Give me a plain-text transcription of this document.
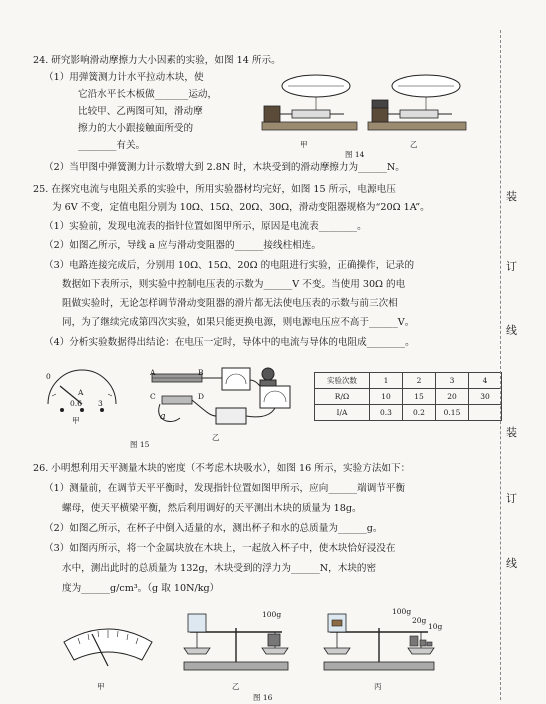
24. 研究影响滑动摩擦力大小因素的实验，如图 14 所示。
（1）用弹簧测力计水平拉动木块，使
它沿水平长木板做_______运动，
比较甲、乙两图可知，滑动摩
擦力的大小跟接触面所受的
________有关。
（2）当甲图中弹簧测力计示数增大到 2.8N 时，木块受到的滑动摩擦力为______N。
甲	乙
图 14
25. 在探究电流与电阻关系的实验中，所用实验器材均完好，如图 15 所示，电源电压
为 6V 不变，定值电阻分别为 10Ω、15Ω、20Ω、30Ω，滑动变阻器规格为“20Ω 1A”。
（1）实验前，发现电流表的指针位置如图甲所示，原因是电流表________。
（2）如图乙所示，导线 a 应与滑动变阻器的______接线柱相连。
（3）电路连接完成后，分别用 10Ω、15Ω、20Ω 的电阻进行实验，正确操作，记录的
数据如下表所示，则实验中控制电压表的示数为______V 不变。当使用 30Ω 的电
阻做实验时，无论怎样调节滑动变阻器的滑片都无法使电压表的示数与前三次相
同，为了继续完成第四次实验，如果只能更换电源，则电源电压应不高于______V。
（4）分析实验数据得出结论：在电压一定时，导体中的电流与导体的电阻成________。
0
A
0.6 3
甲
图 15
A	B
C	D
a
乙
实验次数	1	2	3	4
R/Ω	10	15	20	30
I/A	0.3	0.2	0.15	
26. 小明想利用天平测量木块的密度（不考虑木块吸水），如图 16 所示，实验方法如下：
（1）测量前，在调节天平平衡时，发现指针位置如图甲所示，应向______端调节平衡
螺母，使天平横梁平衡，然后利用调好的天平测出木块的质量为 18g。
（2）如图乙所示，在杯子中倒入适量的水，测出杯子和水的总质量为______g。
（3）如图丙所示，将一个金属块放在木块上，一起放入杯子中，使木块恰好浸没在
水中，测出此时的总质量为 132g，木块受到的浮力为______N，木块的密
度为______g/cm³。（g 取 10N/kg）
甲
100g
乙
100g
20g
10g
丙
图 16
装
订
线
装
订
线
